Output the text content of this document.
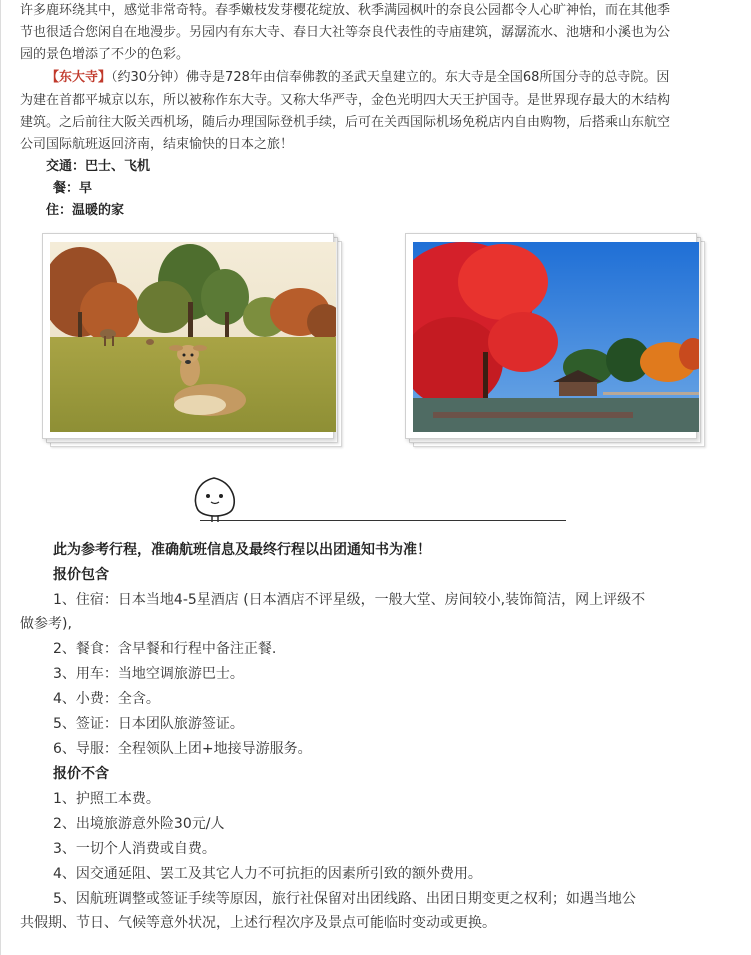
许多鹿环绕其中，感觉非常奇特。春季嫩枝发芽樱花绽放、秋季满园枫叶的奈良公园都令人心旷神怡，而在其他季
节也很适合您闲自在地漫步。另园内有东大寺、春日大社等奈良代表性的寺庙建筑，潺潺流水、池塘和小溪也为公
园的景色增添了不少的色彩。
【东大寺】（约30分钟）佛寺是728年由信奉佛教的圣武天皇建立的。东大寺是全国68所国分寺的总寺院。因
为建在首都平城京以东，所以被称作东大寺。又称大华严寺，金色光明四大天王护国寺。是世界现存最大的木结构
建筑。之后前往大阪关西机场，随后办理国际登机手续，后可在关西国际机场免税店内自由购物，后搭乘山东航空
公司国际航班返回济南，结束愉快的日本之旅！
交通：巴士、飞机
餐：早
住：温暖的家
此为参考行程，准确航班信息及最终行程以出团通知书为准！
报价包含
1、住宿：日本当地4-5星酒店 (日本酒店不评星级，一般大堂、房间较小,装饰简洁，网上评级不
做参考),
2、餐食：含早餐和行程中备注正餐.
3、用车：当地空调旅游巴士。
4、小费：全含。
5、签证：日本团队旅游签证。
6、导服：全程领队上团+地接导游服务。
报价不含
1、护照工本费。
2、出境旅游意外险30元/人
3、一切个人消费或自费。
4、因交通延阻、罢工及其它人力不可抗拒的因素所引致的额外费用。
5、因航班调整或签证手续等原因，旅行社保留对出团线路、出团日期变更之权利；如遇当地公
共假期、节日、气候等意外状况，上述行程次序及景点可能临时变动或更换。
